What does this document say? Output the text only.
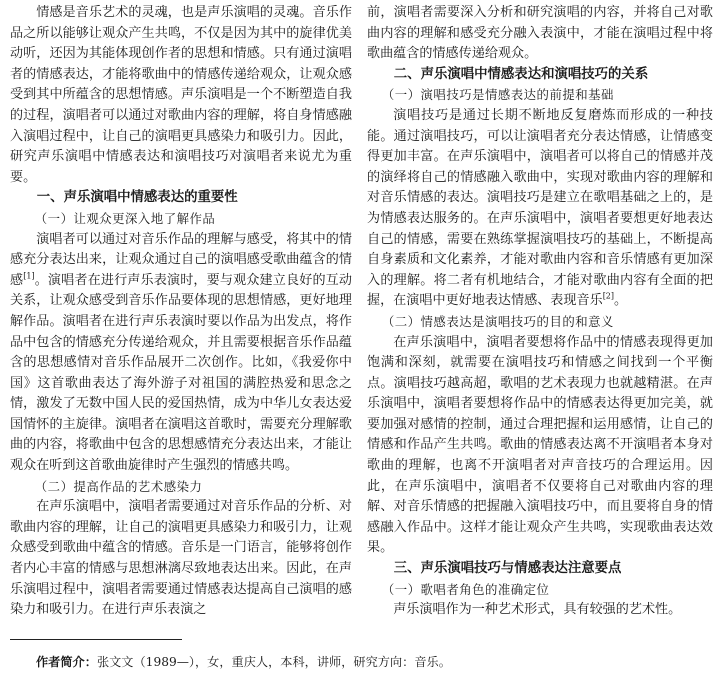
情感是音乐艺术的灵魂，也是声乐演唱的灵魂。音乐作品之所以能够让观众产生共鸣，不仅是因为其中的旋律优美动听，还因为其能体现创作者的思想和情感。只有通过演唱者的情感表达，才能将歌曲中的情感传递给观众，让观众感受到其中所蕴含的思想情感。声乐演唱是一个不断塑造自我的过程，演唱者可以通过对歌曲内容的理解，将自身情感融入演唱过程中，让自己的演唱更具感染力和吸引力。因此，研究声乐演唱中情感表达和演唱技巧对演唱者来说尤为重要。

一、声乐演唱中情感表达的重要性
（一）让观众更深入地了解作品

演唱者可以通过对音乐作品的理解与感受，将其中的情感充分表达出来，让观众通过自己的演唱感受歌曲蕴含的情感[1]。演唱者在进行声乐表演时，要与观众建立良好的互动关系，让观众感受到音乐作品要体现的思想情感，更好地理解作品。演唱者在进行声乐表演时要以作品为出发点，将作品中包含的情感充分传递给观众，并且需要根据音乐作品蕴含的思想感情对音乐作品展开二次创作。比如，《我爱你中国》这首歌曲表达了海外游子对祖国的满腔热爱和思念之情，激发了无数中国人民的爱国热情，成为中华儿女表达爱国情怀的主旋律。演唱者在演唱这首歌时，需要充分理解歌曲的内容，将歌曲中包含的思想感情充分表达出来，才能让观众在听到这首歌曲旋律时产生强烈的情感共鸣。

（二）提高作品的艺术感染力

在声乐演唱中，演唱者需要通过对音乐作品的分析、对歌曲内容的理解，让自己的演唱更具感染力和吸引力，让观众感受到歌曲中蕴含的情感。音乐是一门语言，能够将创作者内心丰富的情感与思想淋漓尽致地表达出来。因此，在声乐演唱过程中，演唱者需要通过情感表达提高自己演唱的感染力和吸引力。在进行声乐表演之

前，演唱者需要深入分析和研究演唱的内容，并将自己对歌曲内容的理解和感受充分融入表演中，才能在演唱过程中将歌曲蕴含的情感传递给观众。

二、声乐演唱中情感表达和演唱技巧的关系
（一）演唱技巧是情感表达的前提和基础

演唱技巧是通过长期不断地反复磨炼而形成的一种技能。通过演唱技巧，可以让演唱者充分表达情感，让情感变得更加丰富。在声乐演唱中，演唱者可以将自己的情感并茂的演绎将自己的情感融入歌曲中，实现对歌曲内容的理解和对音乐情感的表达。演唱技巧是建立在歌唱基础之上的，是为情感表达服务的。在声乐演唱中，演唱者要想更好地表达自己的情感，需要在熟练掌握演唱技巧的基础上，不断提高自身素质和文化素养，才能对歌曲内容和音乐情感有更加深入的理解。将二者有机地结合，才能对歌曲内容有全面的把握，在演唱中更好地表达情感、表现音乐[2]。

（二）情感表达是演唱技巧的目的和意义

在声乐演唱中，演唱者要想将作品中的情感表现得更加饱满和深刻，就需要在演唱技巧和情感之间找到一个平衡点。演唱技巧越高超，歌唱的艺术表现力也就越精湛。在声乐演唱中，演唱者要想将作品中的情感表达得更加完美，就要加强对感情的控制，通过合理把握和运用感情，让自己的情感和作品产生共鸣。歌曲的情感表达离不开演唱者本身对歌曲的理解，也离不开演唱者对声音技巧的合理运用。因此，在声乐演唱中，演唱者不仅要将自己对歌曲内容的理解、对音乐情感的把握融入演唱技巧中，而且要将自身的情感融入作品中。这样才能让观众产生共鸣，实现歌曲表达效果。

三、声乐演唱技巧与情感表达注意要点
（一）歌唱者角色的准确定位

声乐演唱作为一种艺术形式，具有较强的艺术性。

作者简介：张文文（1989—），女，重庆人，本科，讲师，研究方向：音乐。
